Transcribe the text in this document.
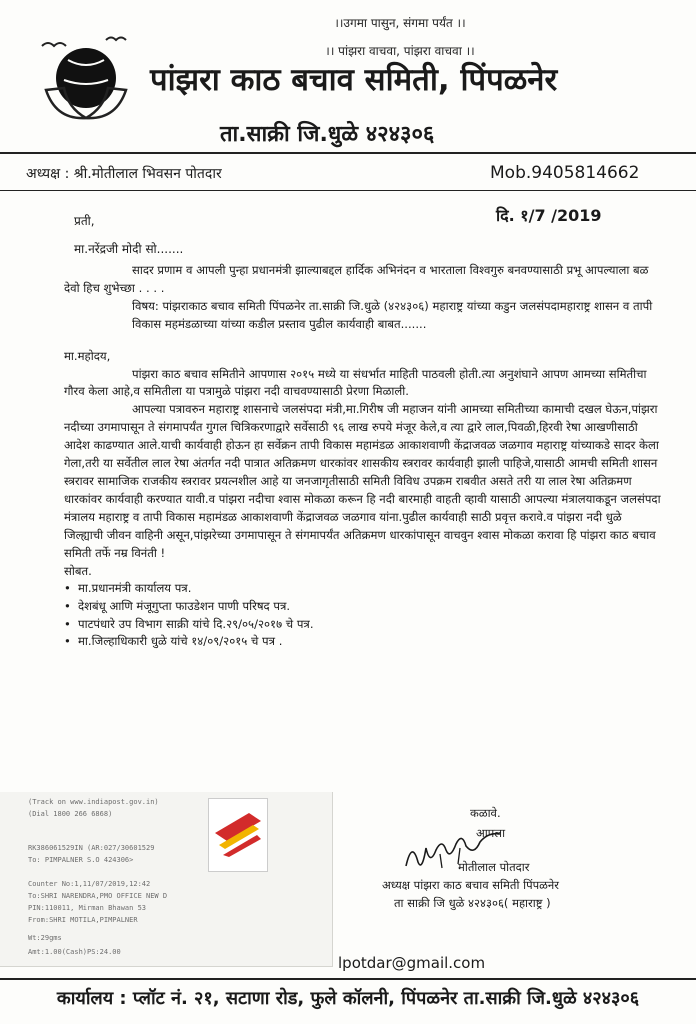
।।उगमा पासुन, संगमा पर्यंत ।।
।। पांझरा वाचवा, पांझरा वाचवा ।।
पांझरा काठ बचाव समिती, पिंपळनेर
ता.साक्री जि.धुळे ४२४३०६
अध्यक्ष : श्री.मोतीलाल भिवसन पोतदार	Mob.9405814662
प्रती,	दि. १/7 /2019
मा.नरेंद्रजी मोदी सो.......

सादर प्रणाम व आपली पुन्हा प्रधानमंत्री झाल्याबद्दल हार्दिक अभिनंदन व भारताला विश्वगुरु बनवण्यासाठी प्रभू आपल्याला बळ देवो हिच शुभेच्छा . . . .

विषय: पांझराकाठ बचाव समिती पिंपळनेर ता.साक्री जि.धुळे (४२४३०६) महाराष्ट्र यांच्या कडुन जलसंपदामहाराष्ट्र शासन व तापी विकास महमंडळाच्या यांच्या कडील प्रस्ताव पुढील कार्यवाही बाबत.......

मा.महोदय,

पांझरा काठ बचाव समितीने आपणास २०१५ मध्ये या संधर्भात माहिती पाठवली होती.त्या अनुशंघाने आपण आमच्या समितीचा गौरव केला आहे,व समितीला या पत्रामुळे पांझरा नदी वाचवण्यासाठी प्रेरणा मिळाली.

आपल्या पत्रावरुन महाराष्ट्र शासनाचे जलसंपदा मंत्री,मा.गिरीष जी महाजन यांनी आमच्या समितीच्या कामाची दखल घेऊन,पांझरा नदीच्या उगमापासून ते संगमापर्यंत गुगल चित्रिकरणाद्वारे सर्वेसाठी ९६ लाख रुपये मंजूर केले,व त्या द्वारे लाल,पिवळी,हिरवी रेषा आखणीसाठी आदेश काढण्यात आले.याची कार्यवाही होऊन हा सर्वेक्रन तापी विकास महामंडळ आकाशवाणी केंद्राजवळ जळगाव महाराष्ट्र यांच्याकडे सादर केला गेला,तरी या सर्वेतील लाल रेषा अंतर्गत नदी पात्रात अतिक्रमण धारकांवर शासकीय स्त्ररावर कार्यवाही झाली पाहिजे,यासाठी आमची समिती शासन स्त्ररावर सामाजिक राजकीय स्त्ररावर प्रयत्नशील आहे या जनजागृतीसाठी समिती विविध उपक्रम राबवीत असते तरी या लाल रेषा अतिक्रमण धारकांवर कार्यवाही करण्यात यावी.व पांझरा नदीचा श्वास मोकळा करून हि नदी बारमाही वाहती व्हावी यासाठी आपल्या मंत्रालयाकडून जलसंपदा मंत्रालय महाराष्ट्र व तापी विकास महामंडळ आकाशवाणी केंद्राजवळ जळगाव यांना.पुढील कार्यवाही साठी प्रवृत्त करावे.व पांझरा नदी धुळे जिल्ह्याची जीवन वाहिनी असून,पांझरेच्या उगमापासून ते संगमापर्यंत अतिक्रमण धारकांपासून वाचवुन श्वास मोकळा करावा हि पांझरा काठ बचाव समिती तर्फे नम्र विनंती !

सोबत.

• मा.प्रधानमंत्री कार्यालय पत्र.
• देशबंधू आणि मंजूगुप्ता फाउडेशन पाणी परिषद पत्र.
• पाटपंधारे उप विभाग साक्री यांचे दि.२९/०५/२०१७ चे पत्र.
• मा.जिल्हाधिकारी धुळे यांचे १४/०९/२०१५ चे पत्र .
(Track on www.indiapost.gov.in)
(Dial 1800 266 6868)
RK386061529IN (AR:027/30601529
To: PIMPALNER S.O 424306>
Counter No:1,11/07/2019,12:42
To:SHRI NARENDRA,PMO OFFICE NEW D
PIN:110011, Mirman Bhawan 53
From:SHRI MOTILA,PIMPALNER
Wt:29gms
Amt:1.00(Cash)PS:24.00
कळावे.
आपला
मोतीलाल पोतदार
अध्यक्ष पांझरा काठ बचाव समिती पिंपळनेर
ता साक्री जि धुळे ४२४३०६( महाराष्ट्र )
lpotdar@gmail.com
कार्यालय : प्लॉट नं. २१, सटाणा रोड, फुले कॉलनी, पिंपळनेर ता.साक्री जि.धुळे ४२४३०६
